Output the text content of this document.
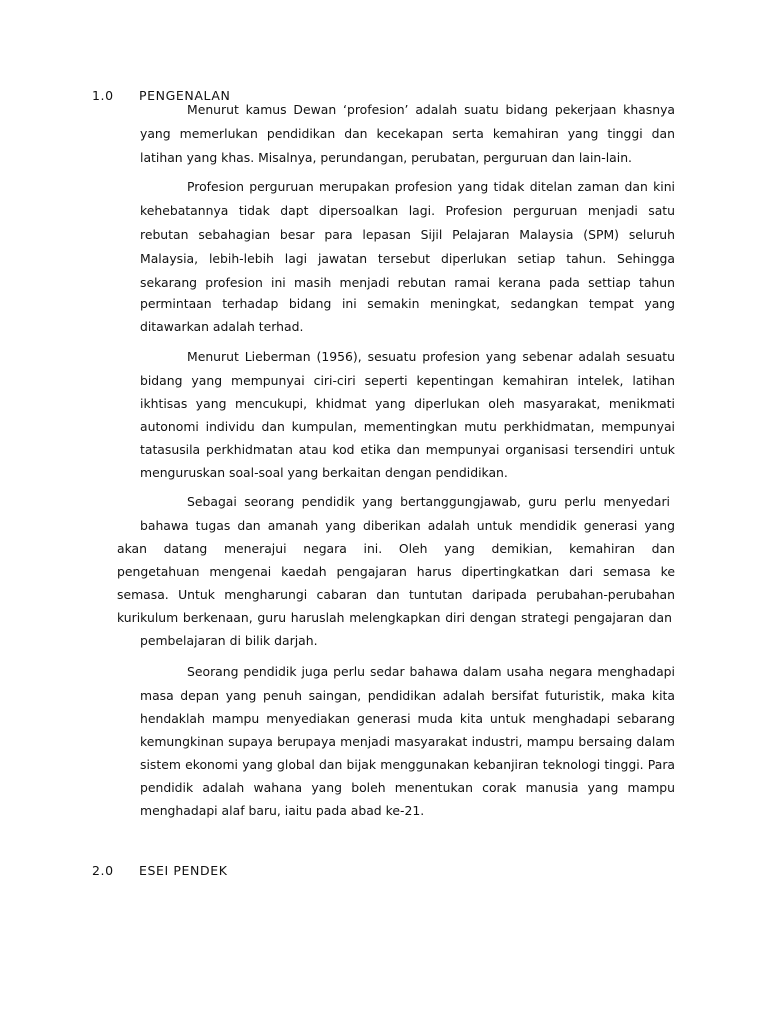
1.0 PENGENALAN
Menurut kamus Dewan ‘profesion’ adalah suatu bidang pekerjaan khasnya
yang memerlukan pendidikan dan kecekapan serta kemahiran yang tinggi dan
latihan yang khas. Misalnya, perundangan, perubatan, perguruan dan lain-lain.
Profesion perguruan merupakan profesion yang tidak ditelan zaman dan kini
kehebatannya tidak dapt dipersoalkan lagi. Profesion perguruan menjadi satu
rebutan sebahagian besar para lepasan Sijil Pelajaran Malaysia (SPM) seluruh
Malaysia, lebih-lebih lagi jawatan tersebut diperlukan setiap tahun. Sehingga
sekarang profesion ini masih menjadi rebutan ramai kerana pada settiap tahun
permintaan terhadap bidang ini semakin meningkat, sedangkan tempat yang
ditawarkan adalah terhad.
Menurut Lieberman (1956), sesuatu profesion yang sebenar adalah sesuatu
bidang yang mempunyai ciri-ciri seperti kepentingan kemahiran intelek, latihan
ikhtisas yang mencukupi, khidmat yang diperlukan oleh masyarakat, menikmati
autonomi individu dan kumpulan, mementingkan mutu perkhidmatan, mempunyai
tatasusila perkhidmatan atau kod etika dan mempunyai organisasi tersendiri untuk
menguruskan soal-soal yang berkaitan dengan pendidikan.
Sebagai seorang pendidik yang bertanggungjawab, guru perlu menyedari
bahawa tugas dan amanah yang diberikan adalah untuk mendidik generasi yang
akan datang menerajui negara ini. Oleh yang demikian, kemahiran dan
pengetahuan mengenai kaedah pengajaran harus dipertingkatkan dari semasa ke
semasa. Untuk mengharungi cabaran dan tuntutan daripada perubahan-perubahan
kurikulum berkenaan, guru haruslah melengkapkan diri dengan strategi pengajaran dan
pembelajaran di bilik darjah.
Seorang pendidik juga perlu sedar bahawa dalam usaha negara menghadapi
masa depan yang penuh saingan, pendidikan adalah bersifat futuristik, maka kita
hendaklah mampu menyediakan generasi muda kita untuk menghadapi sebarang
kemungkinan supaya berupaya menjadi masyarakat industri, mampu bersaing dalam
sistem ekonomi yang global dan bijak menggunakan kebanjiran teknologi tinggi. Para
pendidik adalah wahana yang boleh menentukan corak manusia yang mampu
menghadapi alaf baru, iaitu pada abad ke-21.
2.0 ESEI PENDEK
